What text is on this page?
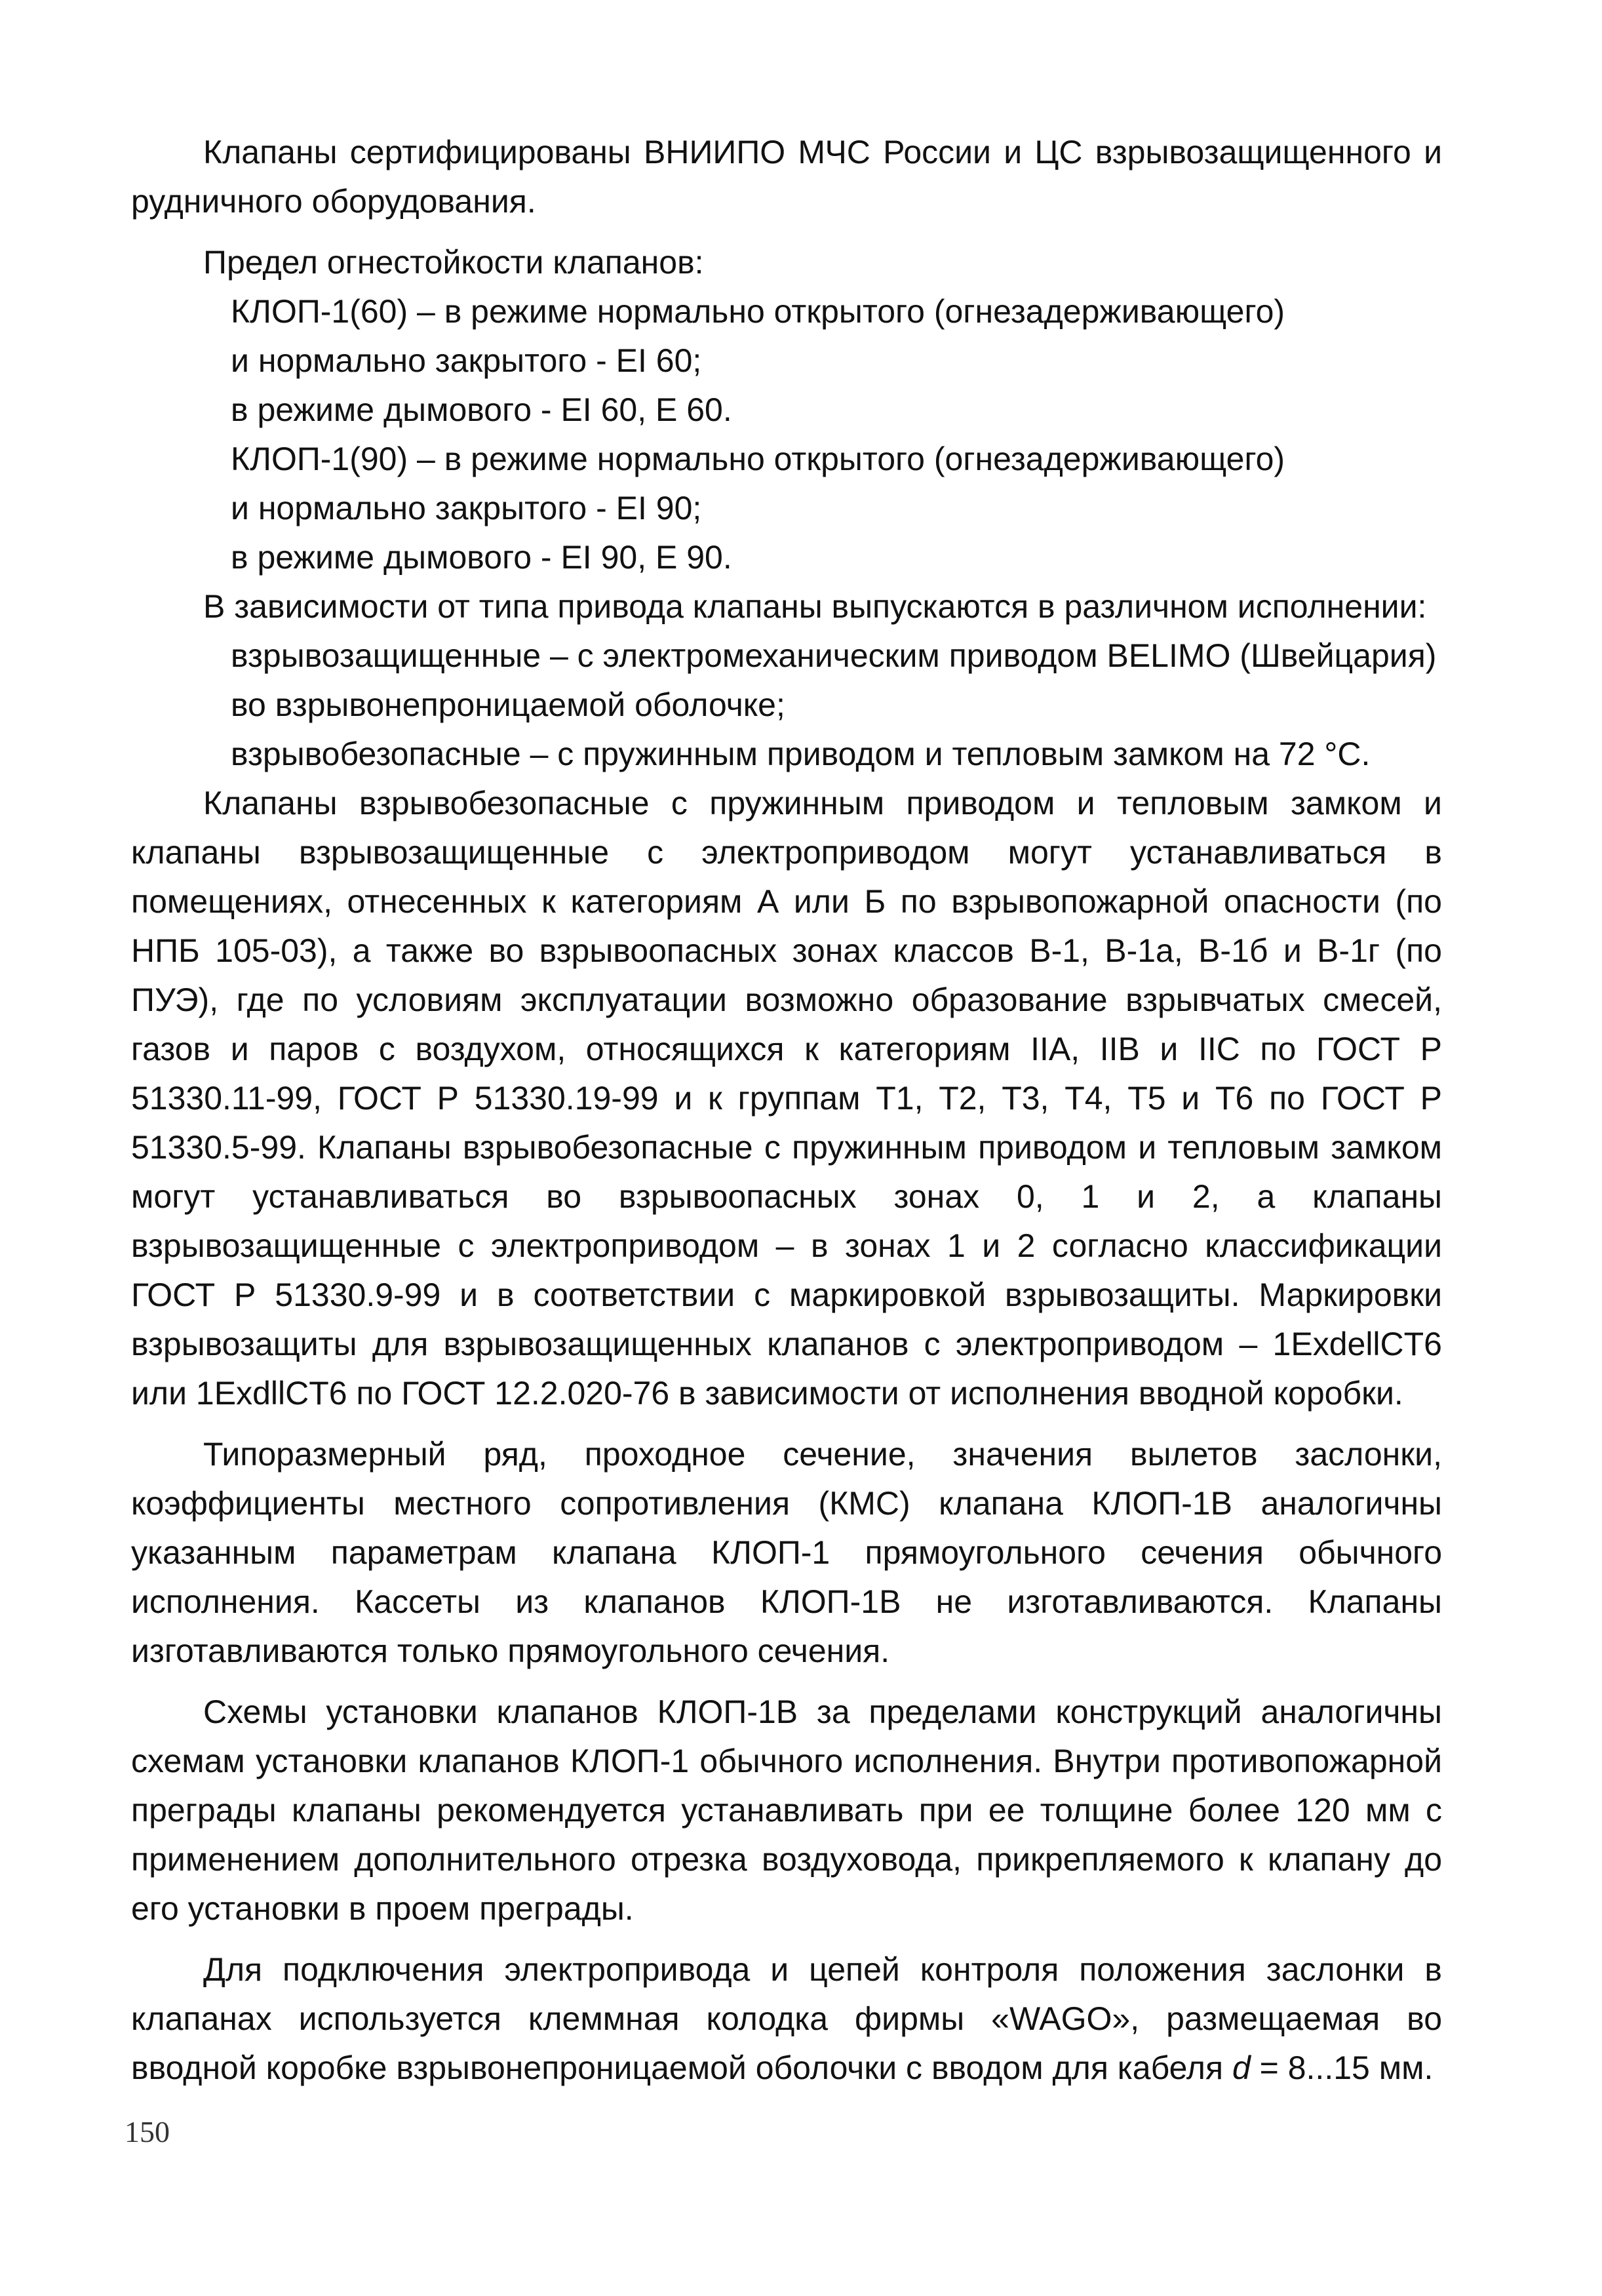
Клапаны сертифицированы ВНИИПО МЧС России и ЦС взрывозащищенного и рудничного оборудования.

Предел огнестойкости клапанов:

КЛОП-1(60) – в режиме нормально открытого (огнезадерживающего)
и нормально закрытого - EI 60;
в режиме дымового - EI 60, E 60.
КЛОП-1(90) – в режиме нормально открытого (огнезадерживающего)
и нормально закрытого - EI 90;
в режиме дымового - EI 90, E 90.

В зависимости от типа привода клапаны выпускаются в различном исполнении:

взрывозащищенные – с электромеханическим приводом BELIMO (Швейцария)
во взрывонепроницаемой оболочке;
взрывобезопасные – с пружинным приводом и тепловым замком на 72 °C.

Клапаны взрывобезопасные с пружинным приводом и тепловым замком и клапаны взрывозащищенные с электроприводом могут устанавливаться в помещениях, отнесенных к категориям А или Б по взрывопожарной опасности (по НПБ 105-03), а также во взрывоопасных зонах классов В-1, В-1а, В-1б и В-1г (по ПУЭ), где по условиям эксплуатации возможно образование взрывчатых смесей, газов и паров с воздухом, относящихся к категориям IIA, IIB и IIC по ГОСТ Р 51330.11-99, ГОСТ Р 51330.19-99 и к группам Т1, Т2, Т3, Т4, Т5 и Т6 по ГОСТ Р 51330.5-99. Клапаны взрывобезопасные с пружинным приводом и тепловым замком могут устанавливаться во взрывоопасных зонах 0, 1 и 2, а клапаны взрывозащищенные с электроприводом – в зонах 1 и 2 согласно классификации ГОСТ Р 51330.9-99 и в соответствии с маркировкой взрывозащиты. Маркировки взрывозащиты для взрывозащищенных клапанов с электроприводом – 1ExdellCT6 или 1ExdllCT6 по ГОСТ 12.2.020-76 в зависимости от исполнения вводной коробки.

Типоразмерный ряд, проходное сечение, значения вылетов заслонки, коэффициенты местного сопротивления (КМС) клапана КЛОП-1В аналогичны указанным параметрам клапана КЛОП-1 прямоугольного сечения обычного исполнения. Кассеты из клапанов КЛОП-1В не изготавливаются. Клапаны изготавливаются только прямоугольного сечения.

Схемы установки клапанов КЛОП-1В за пределами конструкций аналогичны схемам установки клапанов КЛОП-1 обычного исполнения. Внутри противопожарной преграды клапаны рекомендуется устанавливать при ее толщине более 120 мм с применением дополнительного отрезка воздуховода, прикрепляемого к клапану до его установки в проем преграды.

Для подключения электропривода и цепей контроля положения заслонки в клапанах используется клеммная колодка фирмы «WAGO», размещаемая во вводной коробке взрывонепроницаемой оболочки с вводом для кабеля d = 8...15 мм.

150
